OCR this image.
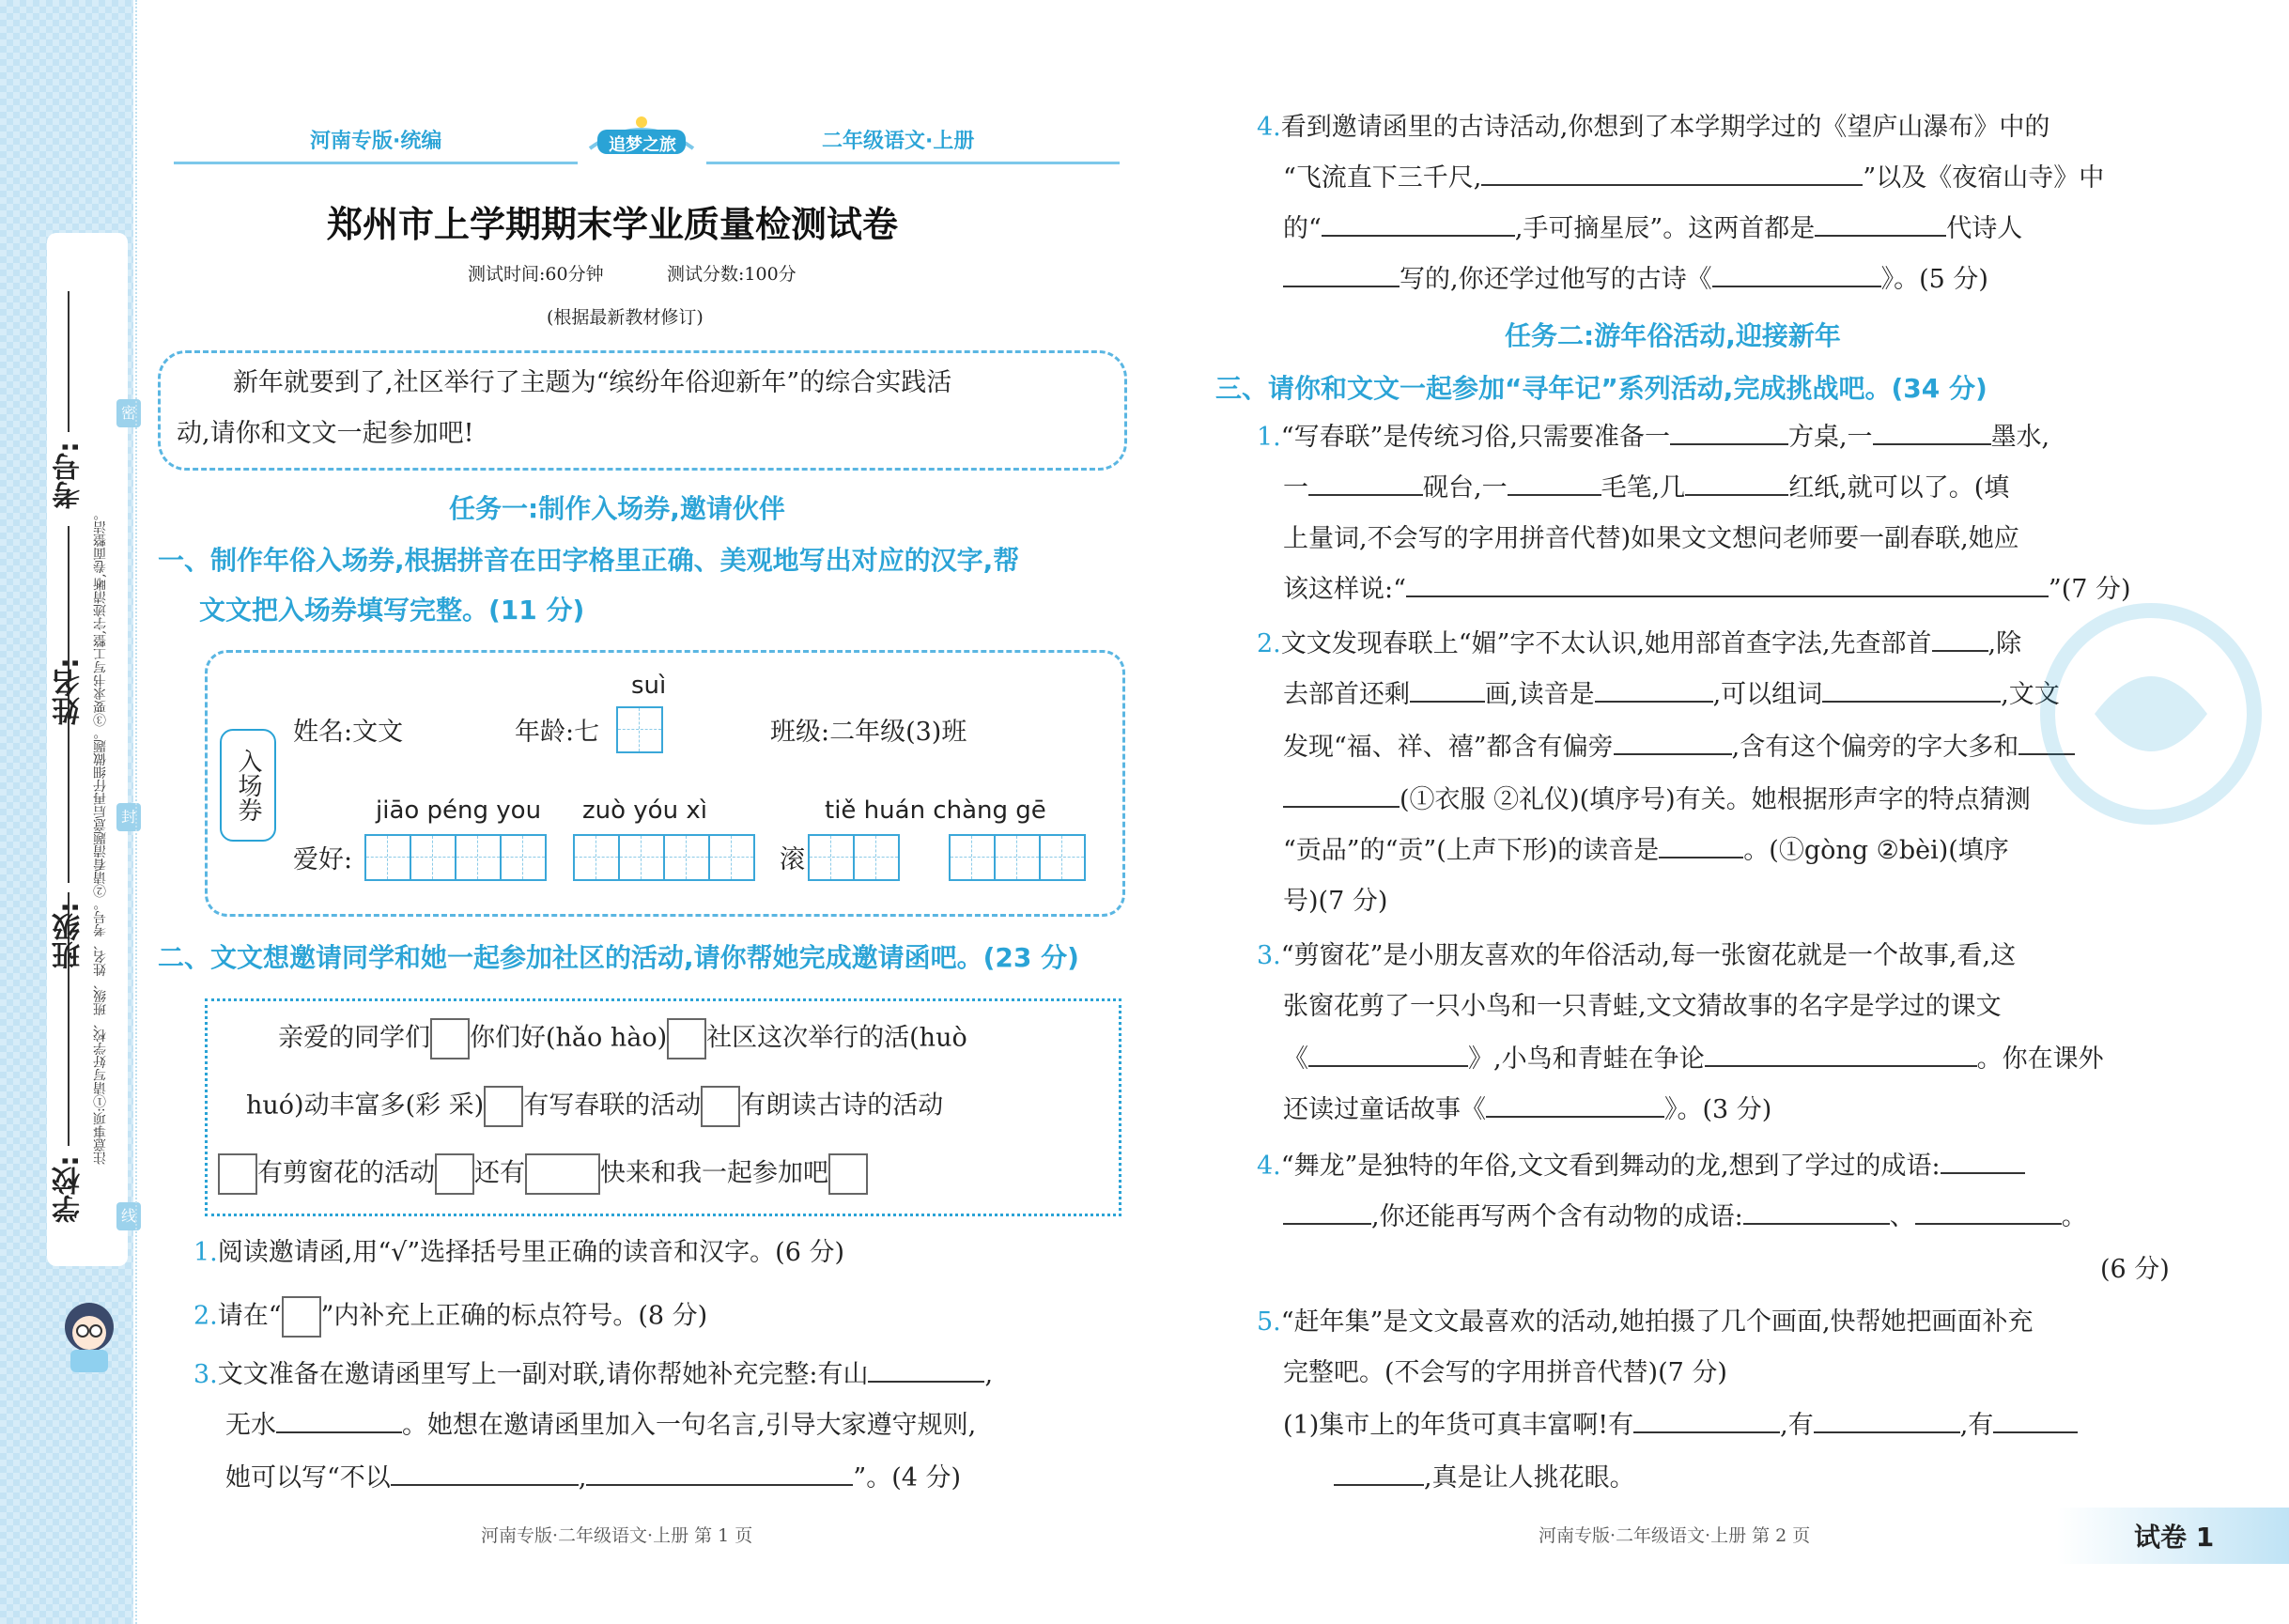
学校:
班级:
姓名:
考号:
注意事项:①请写好学校、班级、姓名、考号。②请看清题意后再仔细做题。③要求书写工整,字迹清晰,卷面整洁。
密
封
线
河南专版·统编	追梦之旅	二年级语文·上册
郑州市上学期期末学业质量检测试卷
测试时间:60分钟	测试分数:100分
(根据最新教材修订)
新年就要到了,社区举行了主题为“缤纷年俗迎新年”的综合实践活
动,请你和文文一起参加吧!
任务一:制作入场券,邀请伙伴
一、制作年俗入场券,根据拼音在田字格里正确、美观地写出对应的汉字,帮
文文把入场券填写完整。(11 分)
入场券
姓名:文文	年龄:七
suì
班级:二年级(3)班
jiāo péng you zuò yóu xì	tiě huán chàng gē
爱好:	滚
二、文文想邀请同学和她一起参加社区的活动,请你帮她完成邀请函吧。(23 分)
亲爱的同学们 你们好(hǎo hào) 社区这次举行的活(huò
huó)动丰富多(彩 采) 有写春联的活动 有朗读古诗的活动
有剪窗花的活动 还有	快来和我一起参加吧
1.阅读邀请函,用“√”选择括号里正确的读音和汉字。(6 分)
2.请在“ ”内补充上正确的标点符号。(8 分)
3.文文准备在邀请函里写上一副对联,请你帮她补充完整:有山	,
无水	。她想在邀请函里加入一句名言,引导大家遵守规则,
她可以写“不以	,	”。(4 分)
河南专版·二年级语文·上册 第 1 页
4.看到邀请函里的古诗活动,你想到了本学期学过的《望庐山瀑布》中的
“飞流直下三千尺,	”以及《夜宿山寺》中
的“	,手可摘星辰”。这两首都是	代诗人
写的,你还学过他写的古诗《	》。(5 分)
任务二:游年俗活动,迎接新年
三、请你和文文一起参加“寻年记”系列活动,完成挑战吧。(34 分)
1.“写春联”是传统习俗,只需要准备一	方桌,一	墨水,
一	砚台,一	毛笔,几	红纸,就可以了。(填
上量词,不会写的字用拼音代替)如果文文想问老师要一副春联,她应
该这样说:“	”(7 分)
2.文文发现春联上“媚”字不太认识,她用部首查字法,先查部首 ,除
去部首还剩	画,读音是	,可以组词	,文文
发现“福、祥、禧”都含有偏旁	,含有这个偏旁的字大多和
(①衣服 ②礼仪)(填序号)有关。她根据形声字的特点猜测
“贡品”的“贡”(上声下形)的读音是	。(①gòng ②bèi)(填序
号)(7 分)
3.“剪窗花”是小朋友喜欢的年俗活动,每一张窗花就是一个故事,看,这
张窗花剪了一只小鸟和一只青蛙,文文猜故事的名字是学过的课文
《	》,小鸟和青蛙在争论	。你在课外
还读过童话故事《	》。(3 分)
4.“舞龙”是独特的年俗,文文看到舞动的龙,想到了学过的成语:
,你还能再写两个含有动物的成语:	、	。
(6 分)
5.“赶年集”是文文最喜欢的活动,她拍摄了几个画面,快帮她把画面补充
完整吧。(不会写的字用拼音代替)(7 分)
(1)集市上的年货可真丰富啊!有	,有	,有
,真是让人挑花眼。
河南专版·二年级语文·上册 第 2 页	试卷 1
